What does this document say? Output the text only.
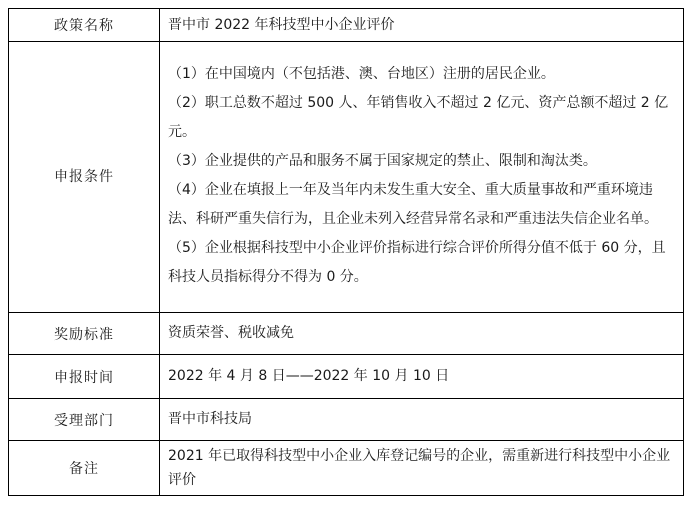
政策名称	晋中市 2022 年科技型中小企业评价
申报条件	（1）在中国境内（不包括港、澳、台地区）注册的居民企业。

（2）职工总数不超过 500 人、年销售收入不超过 2 亿元、资产总额不超过 2 亿元。

（3）企业提供的产品和服务不属于国家规定的禁止、限制和淘汰类。

（4）企业在填报上一年及当年内未发生重大安全、重大质量事故和严重环境违法、科研严重失信行为，且企业未列入经营异常名录和严重违法失信企业名单。

（5）企业根据科技型中小企业评价指标进行综合评价所得分值不低于 60 分，且科技人员指标得分不得为 0 分。

奖励标准	资质荣誉、税收减免
申报时间	2022 年 4 月 8 日——2022 年 10 月 10 日
受理部门	晋中市科技局
备注	2021 年已取得科技型中小企业入库登记编号的企业，需重新进行科技型中小企业评价
